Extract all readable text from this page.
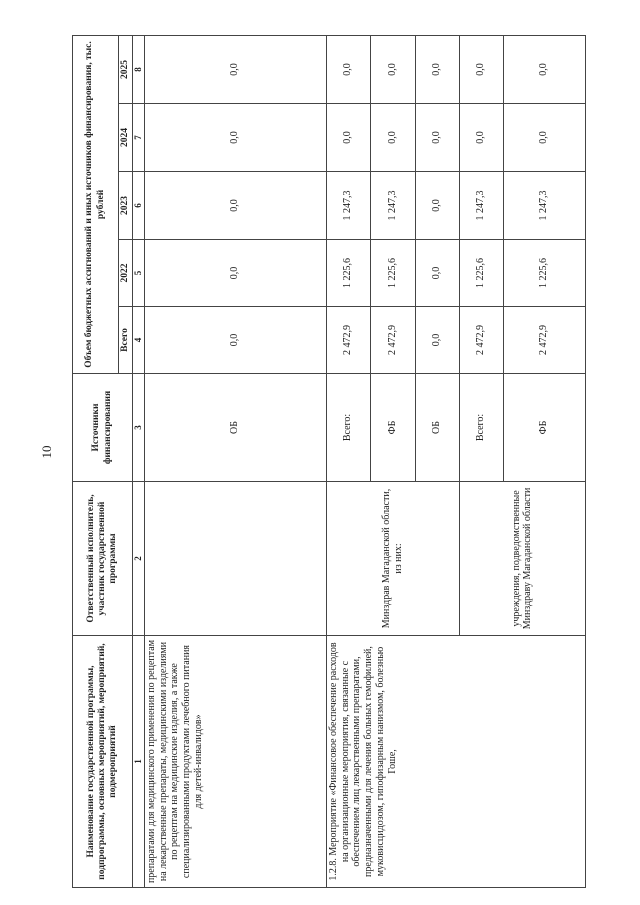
10
Наименование государственной программы, подпрограммы, основных мероприятий, мероприятий, подмероприятий	Ответственный исполнитель, участник государственной программы	Источники финансирования	Объем бюджетных ассигнований и иных источников финансирования, тыс. рублей				
			Всего	2022	2023	2024	2025
1	2	3	4	5	6	7	8
препаратами для медицинского применения по рецептам на лекарственные препараты, медицинскими изделиями по рецептам на медицинские изделия, а также специализированными продуктами лечебного питания для детей-инвалидов»		ОБ	0,0	0,0	0,0	0,0	0,0
1.2.8. Мероприятие «Финансовое обеспечение расходов на организационные мероприятия, связанные с обеспечением лиц лекарственными препаратами, предназначенными для лечения больных гемофилией, муковисцидозом, гипофизарным нанизмом, болезнью Гоше,	Минздрав Магаданской области, из них:	Всего:	2 472,9	1 225,6	1 247,3	0,0	0,0
		ФБ	2 472,9	1 225,6	1 247,3	0,0	0,0
		ОБ	0,0	0,0	0,0	0,0	0,0
	учреждения, подведомственные Минздраву Магаданской области	Всего:	2 472,9	1 225,6	1 247,3	0,0	0,0
		ФБ	2 472,9	1 225,6	1 247,3	0,0	0,0
